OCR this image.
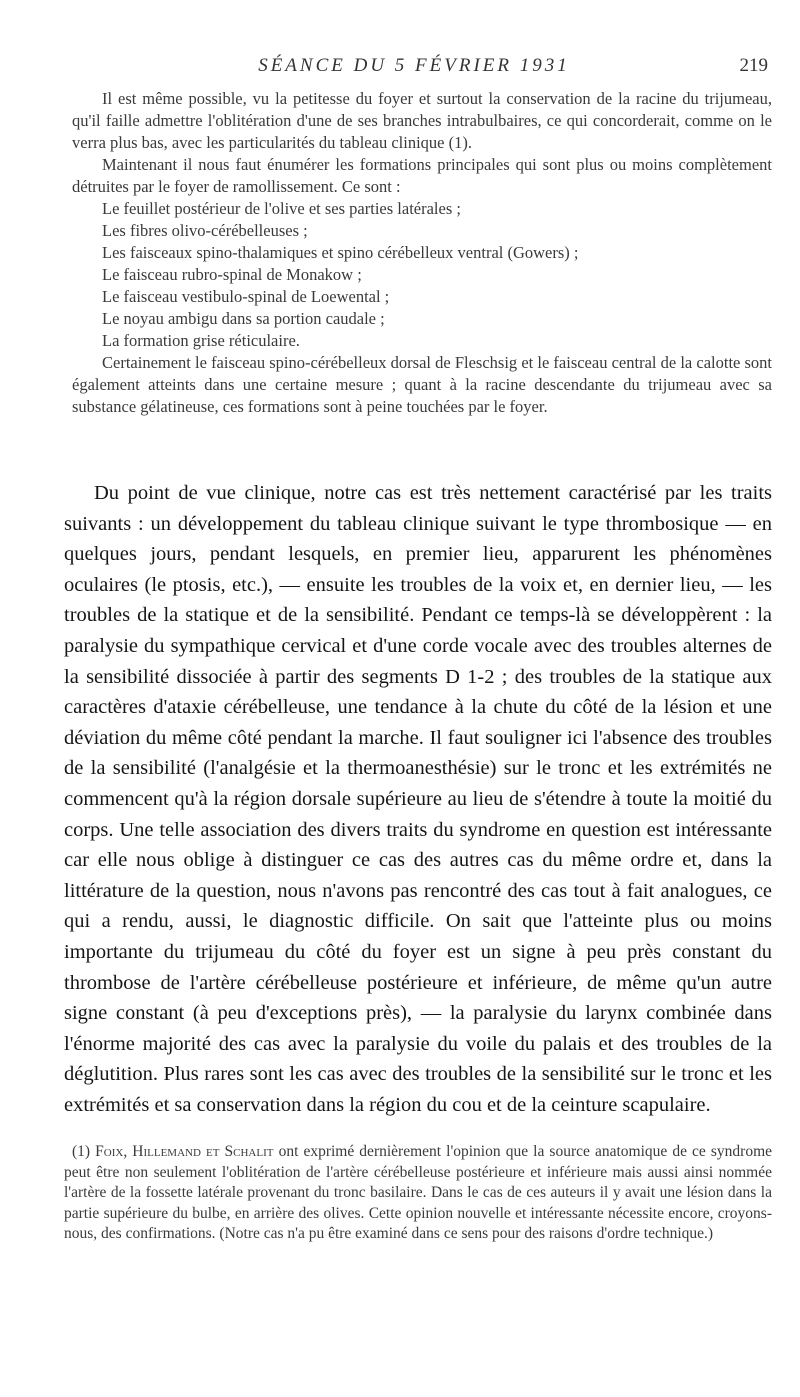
SÉANCE DU 5 FÉVRIER 1931	219

Il est même possible, vu la petitesse du foyer et surtout la conservation de la racine du trijumeau, qu'il faille admettre l'oblitération d'une de ses branches intrabulbaires, ce qui concorderait, comme on le verra plus bas, avec les particularités du tableau clinique (1).

Maintenant il nous faut énumérer les formations principales qui sont plus ou moins complètement détruites par le foyer de ramollissement. Ce sont :

Le feuillet postérieur de l'olive et ses parties latérales ;

Les fibres olivo-cérébelleuses ;

Les faisceaux spino-thalamiques et spino cérébelleux ventral (Gowers) ;

Le faisceau rubro-spinal de Monakow ;

Le faisceau vestibulo-spinal de Loewental ;

Le noyau ambigu dans sa portion caudale ;

La formation grise réticulaire.

Certainement le faisceau spino-cérébelleux dorsal de Fleschsig et le faisceau central de la calotte sont également atteints dans une certaine mesure ; quant à la racine descendante du trijumeau avec sa substance gélatineuse, ces formations sont à peine touchées par le foyer.

Du point de vue clinique, notre cas est très nettement caractérisé par les traits suivants : un développement du tableau clinique suivant le type thrombosique — en quelques jours, pendant lesquels, en premier lieu, apparurent les phénomènes oculaires (le ptosis, etc.), — ensuite les troubles de la voix et, en dernier lieu, — les troubles de la statique et de la sensibilité. Pendant ce temps-là se développèrent : la paralysie du sympathique cervical et d'une corde vocale avec des troubles alternes de la sensibilité dissociée à partir des segments D 1-2 ; des troubles de la statique aux caractères d'ataxie cérébelleuse, une tendance à la chute du côté de la lésion et une déviation du même côté pendant la marche. Il faut souligner ici l'absence des troubles de la sensibilité (l'analgésie et la thermoanesthésie) sur le tronc et les extrémités ne commencent qu'à la région dorsale supérieure au lieu de s'étendre à toute la moitié du corps. Une telle association des divers traits du syndrome en question est intéressante car elle nous oblige à distinguer ce cas des autres cas du même ordre et, dans la littérature de la question, nous n'avons pas rencontré des cas tout à fait analogues, ce qui a rendu, aussi, le diagnostic difficile. On sait que l'atteinte plus ou moins importante du trijumeau du côté du foyer est un signe à peu près constant du thrombose de l'artère cérébelleuse postérieure et inférieure, de même qu'un autre signe constant (à peu d'exceptions près), — la paralysie du larynx combinée dans l'énorme majorité des cas avec la paralysie du voile du palais et des troubles de la déglutition. Plus rares sont les cas avec des troubles de la sensibilité sur le tronc et les extrémités et sa conservation dans la région du cou et de la ceinture scapulaire.

(1) Foix, Hillemand et Schalit ont exprimé dernièrement l'opinion que la source anatomique de ce syndrome peut être non seulement l'oblitération de l'artère cérébelleuse postérieure et inférieure mais aussi ainsi nommée l'artère de la fossette latérale provenant du tronc basilaire. Dans le cas de ces auteurs il y avait une lésion dans la partie supérieure du bulbe, en arrière des olives. Cette opinion nouvelle et intéressante nécessite encore, croyons-nous, des confirmations. (Notre cas n'a pu être examiné dans ce sens pour des raisons d'ordre technique.)
